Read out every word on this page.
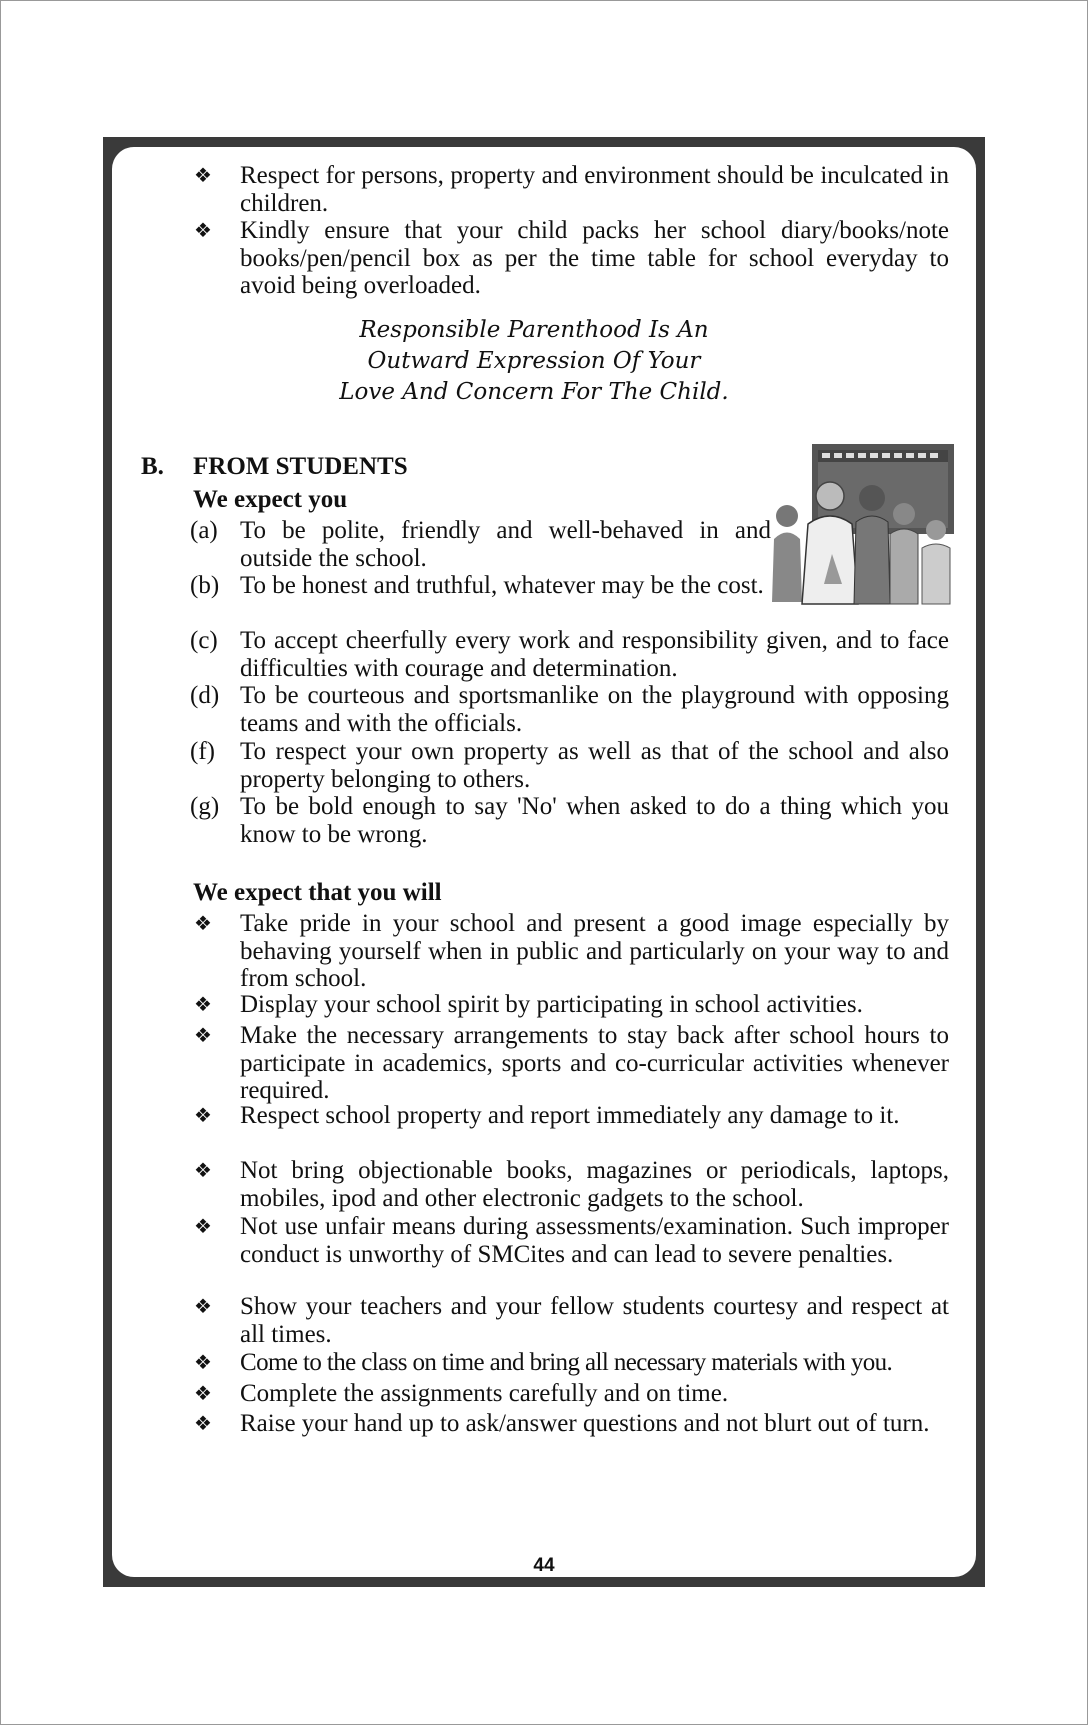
❖ Respect for persons, property and environment should be inculcated in children.
❖ Kindly ensure that your child packs her school diary/books/note books/pen/pencil box as per the time table for school everyday to avoid being overloaded.
Responsible Parenthood Is An
Outward Expression Of Your
Love And Concern For The Child.
B. FROM STUDENTS
We expect you
(a) To be polite, friendly and well-behaved in and outside the school.
(b) To be honest and truthful, whatever may be the cost.
(c) To accept cheerfully every work and responsibility given, and to face difficulties with courage and determination.
(d) To be courteous and sportsmanlike on the playground with opposing teams and with the officials.
(f) To respect your own property as well as that of the school and also property belonging to others.
(g) To be bold enough to say 'No' when asked to do a thing which you know to be wrong.
We expect that you will
❖ Take pride in your school and present a good image especially by behaving yourself when in public and particularly on your way to and from school.
❖ Display your school spirit by participating in school activities.
❖ Make the necessary arrangements to stay back after school hours to participate in academics, sports and co-curricular activities whenever required.
❖ Respect school property and report immediately any damage to it.
❖ Not bring objectionable books, magazines or periodicals, laptops, mobiles, ipod and other electronic gadgets to the school.
❖ Not use unfair means during assessments/examination. Such improper conduct is unworthy of SMCites and can lead to severe penalties.
❖ Show your teachers and your fellow students courtesy and respect at all times.
❖ Come to the class on time and bring all necessary materials with you.
❖ Complete the assignments carefully and on time.
❖ Raise your hand up to ask/answer questions and not blurt out of turn.
44
